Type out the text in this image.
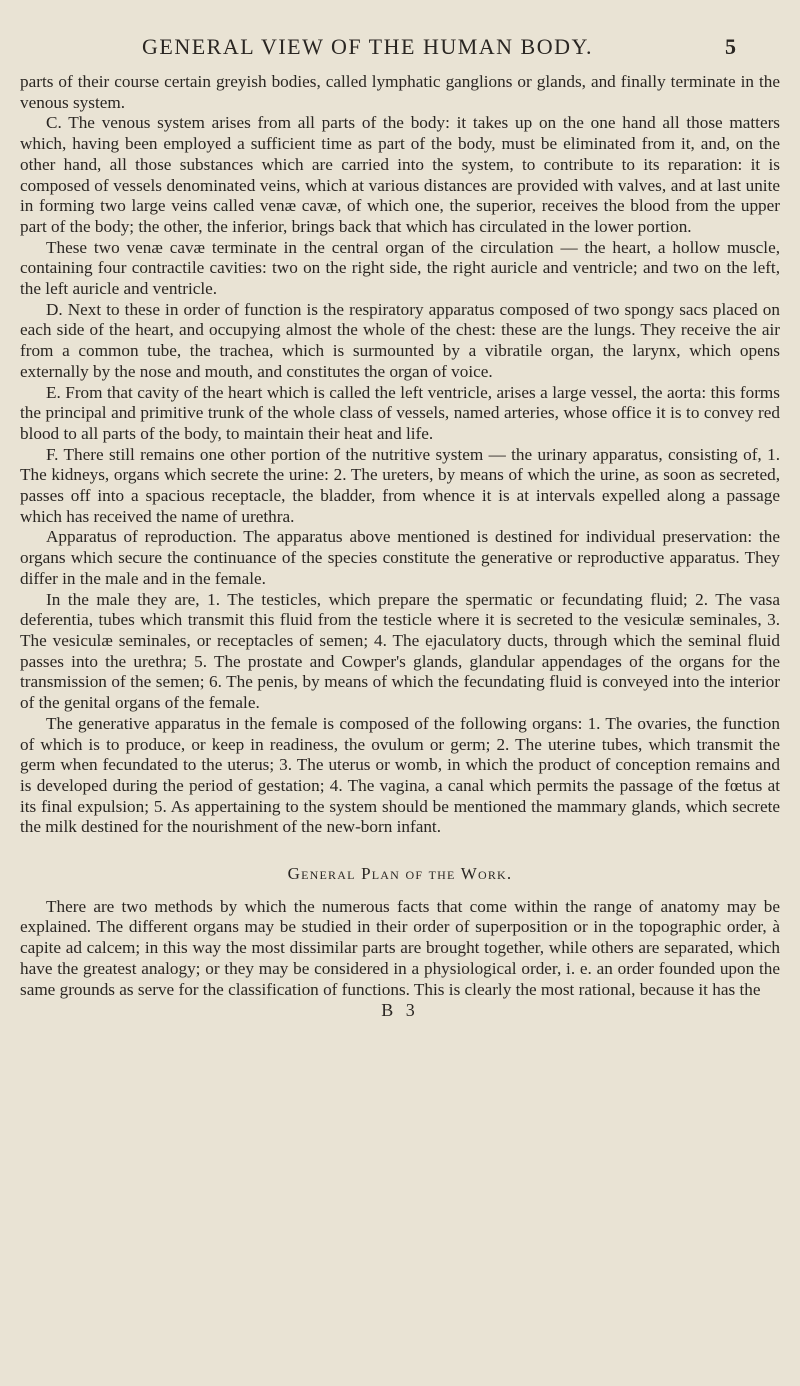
GENERAL VIEW OF THE HUMAN BODY.	5

parts of their course certain greyish bodies, called lymphatic ganglions or glands, and finally terminate in the venous system.

C. The venous system arises from all parts of the body: it takes up on the one hand all those matters which, having been employed a sufficient time as part of the body, must be eliminated from it, and, on the other hand, all those substances which are carried into the system, to contribute to its reparation: it is composed of vessels denominated veins, which at various distances are provided with valves, and at last unite in forming two large veins called venæ cavæ, of which one, the superior, receives the blood from the upper part of the body; the other, the inferior, brings back that which has circulated in the lower portion.

These two venæ cavæ terminate in the central organ of the circulation — the heart, a hollow muscle, containing four contractile cavities: two on the right side, the right auricle and ventricle; and two on the left, the left auricle and ventricle.

D. Next to these in order of function is the respiratory apparatus composed of two spongy sacs placed on each side of the heart, and occupying almost the whole of the chest: these are the lungs. They receive the air from a common tube, the trachea, which is surmounted by a vibratile organ, the larynx, which opens externally by the nose and mouth, and constitutes the organ of voice.

E. From that cavity of the heart which is called the left ventricle, arises a large vessel, the aorta: this forms the principal and primitive trunk of the whole class of vessels, named arteries, whose office it is to convey red blood to all parts of the body, to maintain their heat and life.

F. There still remains one other portion of the nutritive system — the urinary apparatus, consisting of, 1. The kidneys, organs which secrete the urine: 2. The ureters, by means of which the urine, as soon as secreted, passes off into a spacious receptacle, the bladder, from whence it is at intervals expelled along a passage which has received the name of urethra.

Apparatus of reproduction. The apparatus above mentioned is destined for individual preservation: the organs which secure the continuance of the species constitute the generative or reproductive apparatus. They differ in the male and in the female.

In the male they are, 1. The testicles, which prepare the spermatic or fecundating fluid; 2. The vasa deferentia, tubes which transmit this fluid from the testicle where it is secreted to the vesiculæ seminales, 3. The vesiculæ seminales, or receptacles of semen; 4. The ejaculatory ducts, through which the seminal fluid passes into the urethra; 5. The prostate and Cowper's glands, glandular appendages of the organs for the transmission of the semen; 6. The penis, by means of which the fecundating fluid is conveyed into the interior of the genital organs of the female.

The generative apparatus in the female is composed of the following organs: 1. The ovaries, the function of which is to produce, or keep in readiness, the ovulum or germ; 2. The uterine tubes, which transmit the germ when fecundated to the uterus; 3. The uterus or womb, in which the product of conception remains and is developed during the period of gestation; 4. The vagina, a canal which permits the passage of the fœtus at its final expulsion; 5. As appertaining to the system should be mentioned the mammary glands, which secrete the milk destined for the nourishment of the new-born infant.

General Plan of the Work.

There are two methods by which the numerous facts that come within the range of anatomy may be explained. The different organs may be studied in their order of superposition or in the topographic order, à capite ad calcem; in this way the most dissimilar parts are brought together, while others are separated, which have the greatest analogy; or they may be considered in a physiological order, i. e. an order founded upon the same grounds as serve for the classification of functions. This is clearly the most rational, because it has the

B 3
